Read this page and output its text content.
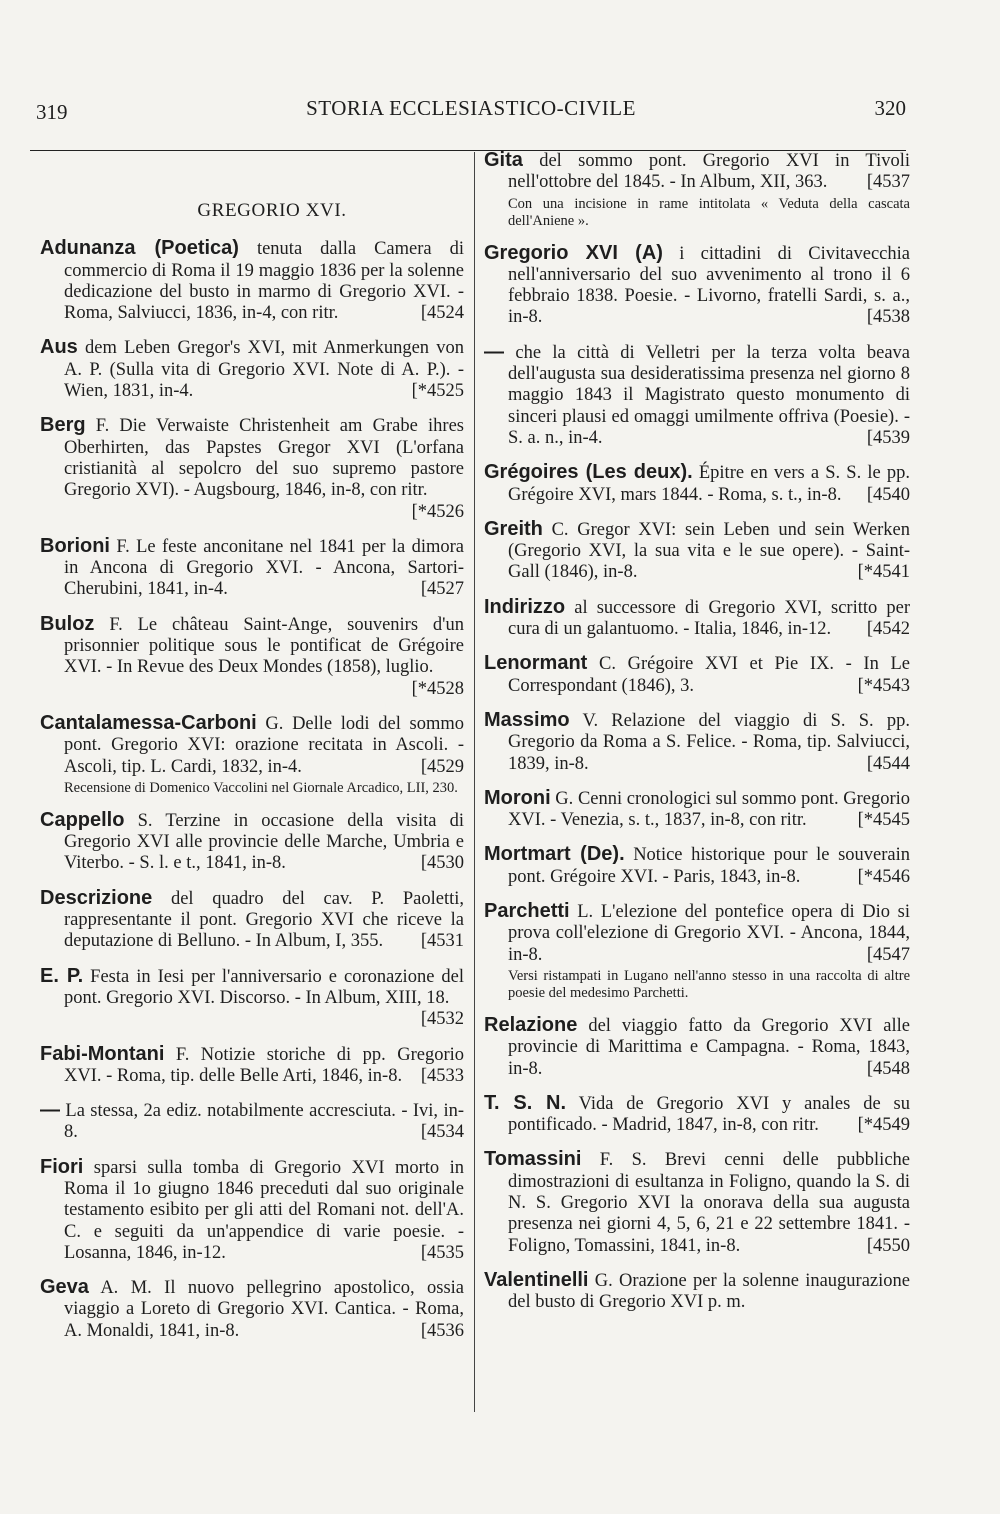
319	STORIA ECCLESIASTICO-CIVILE	320
GREGORIO XVI.
Adunanza (Poetica) tenuta dalla Camera di commercio di Roma il 19 maggio 1836 per la solenne dedicazione del busto in marmo di Gregorio XVI. - Roma, Salviucci, 1836, in-4, con ritr.	[4524
Aus dem Leben Gregor's XVI, mit Anmerkungen von A. P. (Sulla vita di Gregorio XVI. Note di A. P.). - Wien, 1831, in-4.	[*4525
Berg F. Die Verwaiste Christenheit am Grabe ihres Oberhirten, das Papstes Gregor XVI (L'orfana cristianità al sepolcro del suo supremo pastore Gregorio XVI). - Augsbourg, 1846, in-8, con ritr.
[*4526
Borioni F. Le feste anconitane nel 1841 per la dimora in Ancona di Gregorio XVI. - Ancona, Sartori-Cherubini, 1841, in-4.	[4527
Buloz F. Le château Saint-Ange, souvenirs d'un prisonnier politique sous le pontificat de Grégoire XVI. - In Revue des Deux Mondes (1858), luglio.
[*4528
Cantalamessa-Carboni G. Delle lodi del sommo pont. Gregorio XVI: orazione recitata in Ascoli. - Ascoli, tip. L. Cardi, 1832, in-4.	[4529
Recensione di Domenico Vaccolini nel Giornale Arcadico, LII, 230.
Cappello S. Terzine in occasione della visita di Gregorio XVI alle provincie delle Marche, Umbria e Viterbo. - S. l. e t., 1841, in-8.	[4530
Descrizione del quadro del cav. P. Paoletti, rappresentante il pont. Gregorio XVI che riceve la deputazione di Belluno. - In Album, I, 355. [4531
E. P. Festa in Iesi per l'anniversario e coronazione del pont. Gregorio XVI. Discorso. - In Album, XIII, 18.
[4532
Fabi-Montani F. Notizie storiche di pp. Gregorio XVI. - Roma, tip. delle Belle Arti, 1846, in-8. [4533
— La stessa, 2a ediz. notabilmente accresciuta. - Ivi, in-8.	[4534
Fiori sparsi sulla tomba di Gregorio XVI morto in Roma il 1o giugno 1846 preceduti dal suo originale testamento esibito per gli atti del Romani not. dell'A. C. e seguiti da un'appendice di varie poesie. - Losanna, 1846, in-12.	[4535
Geva A. M. Il nuovo pellegrino apostolico, ossia viaggio a Loreto di Gregorio XVI. Cantica. - Roma, A. Monaldi, 1841, in-8.	[4536
Gita del sommo pont. Gregorio XVI in Tivoli nell'ottobre del 1845. - In Album, XII, 363. [4537
Con una incisione in rame intitolata « Veduta della cascata dell'Aniene ».
Gregorio XVI (A) i cittadini di Civitavecchia nell'anniversario del suo avvenimento al trono il 6 febbraio 1838. Poesie. - Livorno, fratelli Sardi, s. a., in-8.	[4538
— che la città di Velletri per la terza volta beava dell'augusta sua desideratissima presenza nel giorno 8 maggio 1843 il Magistrato questo monumento di sinceri plausi ed omaggi umilmente offriva (Poesie). - S. a. n., in-4.	[4539
Grégoires (Les deux). Épitre en vers a S. S. le pp. Grégoire XVI, mars 1844. - Roma, s. t., in-8. [4540
Greith C. Gregor XVI: sein Leben und sein Werken (Gregorio XVI, la sua vita e le sue opere). - Saint-Gall (1846), in-8.	[*4541
Indirizzo al successore di Gregorio XVI, scritto per cura di un galantuomo. - Italia, 1846, in-12. [4542
Lenormant C. Grégoire XVI et Pie IX. - In Le Correspondant (1846), 3.	[*4543
Massimo V. Relazione del viaggio di S. S. pp. Gregorio da Roma a S. Felice. - Roma, tip. Salviucci, 1839, in-8.	[4544
Moroni G. Cenni cronologici sul sommo pont. Gregorio XVI. - Venezia, s. t., 1837, in-8, con ritr.	[*4545
Mortmart (De). Notice historique pour le souverain pont. Grégoire XVI. - Paris, 1843, in-8.	[*4546
Parchetti L. L'elezione del pontefice opera di Dio si prova coll'elezione di Gregorio XVI. - Ancona, 1844, in-8.	[4547
Versi ristampati in Lugano nell'anno stesso in una raccolta di altre poesie del medesimo Parchetti.
Relazione del viaggio fatto da Gregorio XVI alle provincie di Marittima e Campagna. - Roma, 1843, in-8.	[4548
T. S. N. Vida de Gregorio XVI y anales de su pontificado. - Madrid, 1847, in-8, con ritr. [*4549
Tomassini F. S. Brevi cenni delle pubbliche dimostrazioni di esultanza in Foligno, quando la S. di N. S. Gregorio XVI la onorava della sua augusta presenza nei giorni 4, 5, 6, 21 e 22 settembre 1841. - Foligno, Tomassini, 1841, in-8.	[4550
Valentinelli G. Orazione per la solenne inaugurazione del busto di Gregorio XVI p. m.
